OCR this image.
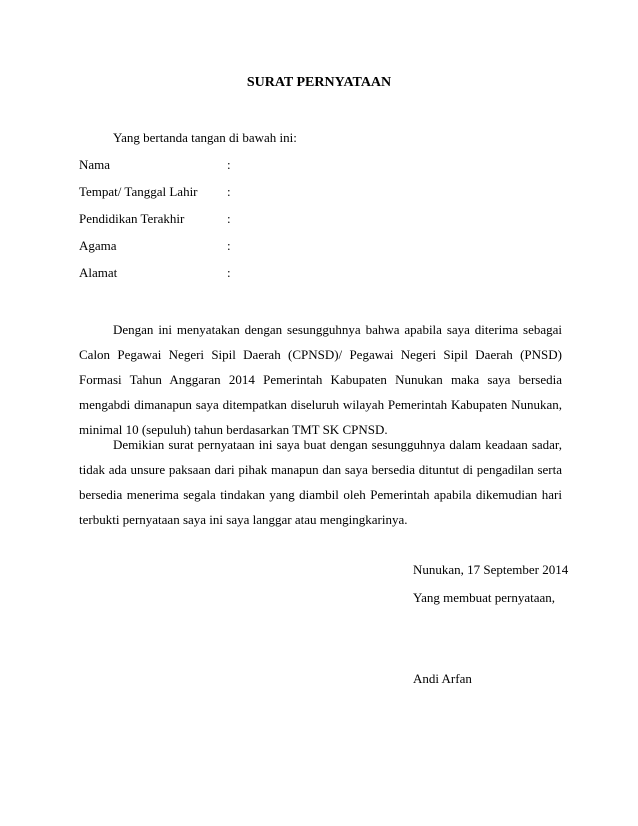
SURAT PERNYATAAN
Yang bertanda tangan di bawah ini:
Nama	:
Tempat/ Tanggal Lahir :
Pendidikan Terakhir	:
Agama	:
Alamat	:

Dengan ini menyatakan dengan sesungguhnya bahwa apabila saya diterima sebagai Calon Pegawai Negeri Sipil Daerah (CPNSD)/ Pegawai Negeri Sipil Daerah (PNSD) Formasi Tahun Anggaran 2014 Pemerintah Kabupaten Nunukan maka saya bersedia mengabdi dimanapun saya ditempatkan diseluruh wilayah Pemerintah Kabupaten Nunukan, minimal 10 (sepuluh) tahun berdasarkan TMT SK CPNSD.

Demikian surat pernyataan ini saya buat dengan sesungguhnya dalam keadaan sadar, tidak ada unsure paksaan dari pihak manapun dan saya bersedia dituntut di pengadilan serta bersedia menerima segala tindakan yang diambil oleh Pemerintah apabila dikemudian hari terbukti pernyataan saya ini saya langgar atau mengingkarinya.

Nunukan, 17 September 2014
Yang membuat pernyataan,
Andi Arfan
